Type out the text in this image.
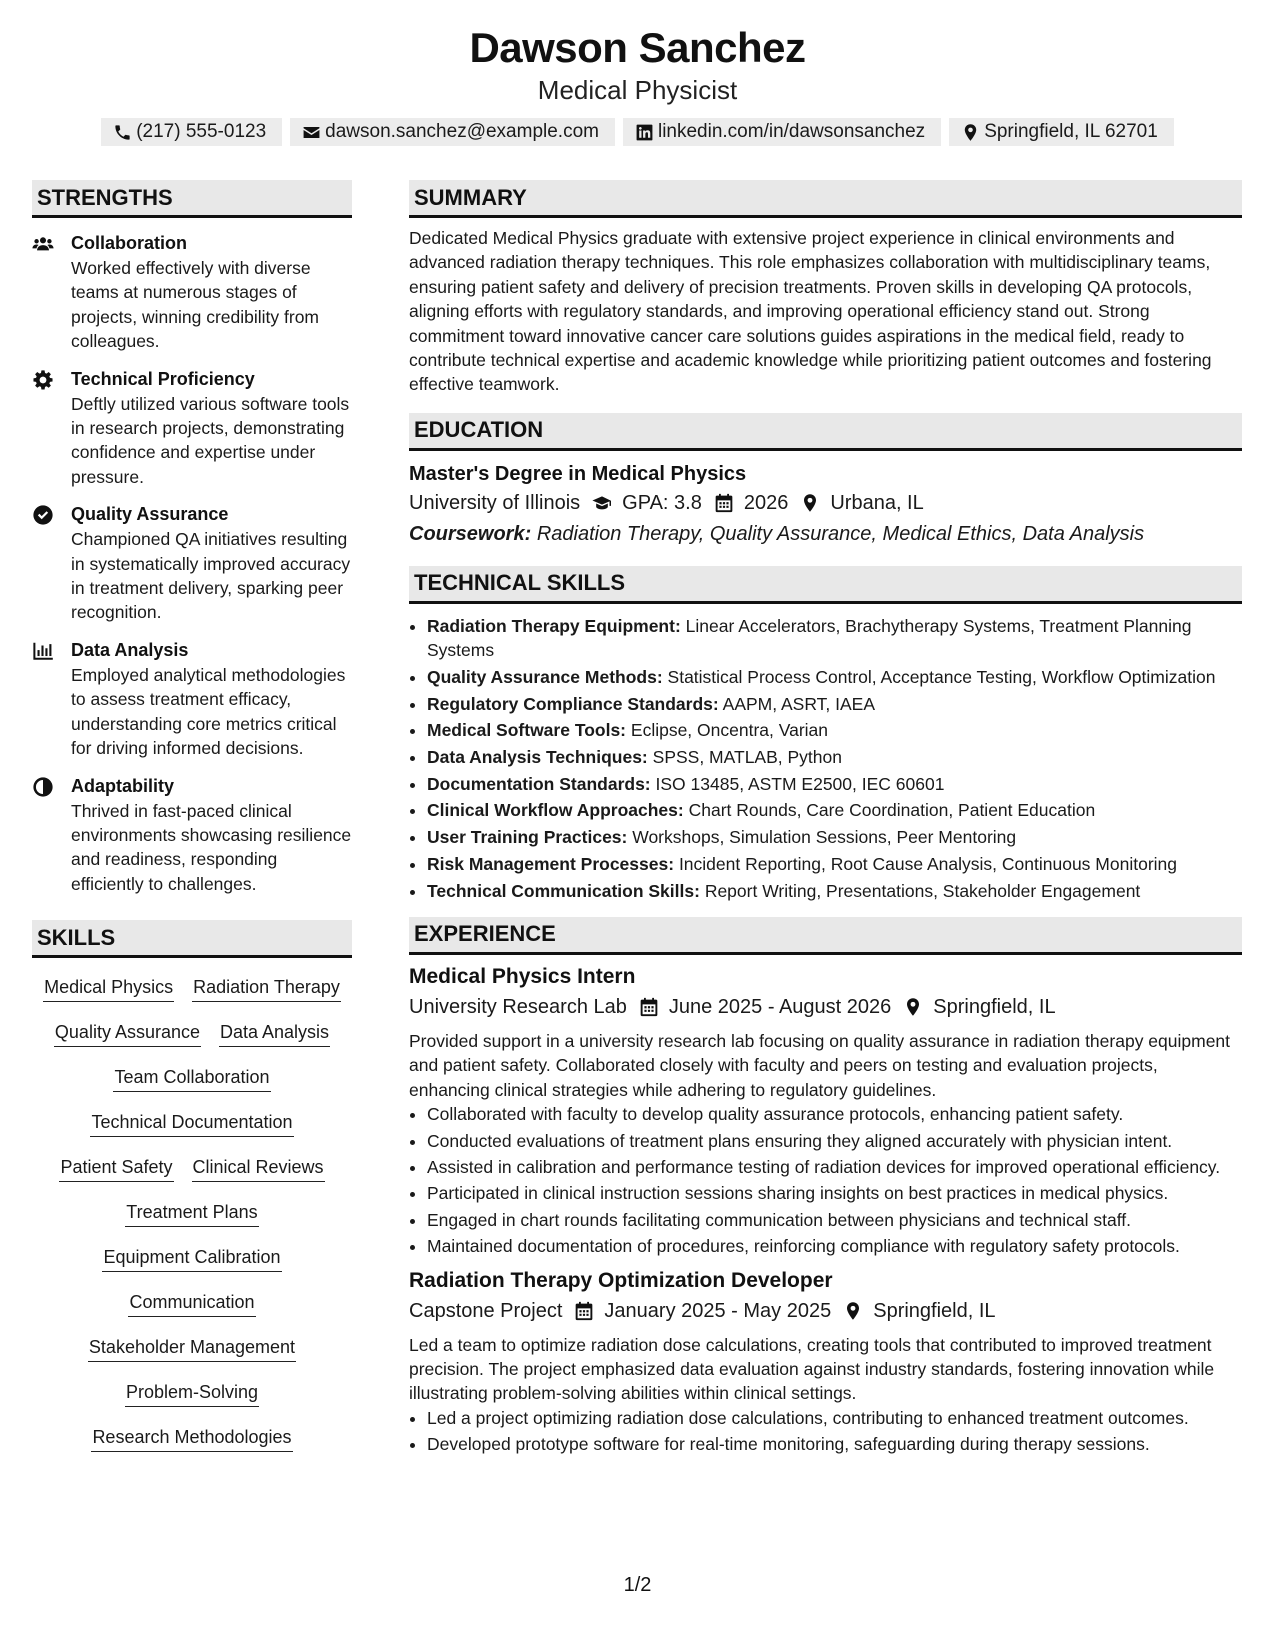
Dawson Sanchez
Medical Physicist
(217) 555-0123	dawson.sanchez@example.com	linkedin.com/in/dawsonsanchez	Springfield, IL 62701
STRENGTHS
Collaboration
Worked effectively with diverse teams at numerous stages of projects, winning credibility from colleagues.
Technical Proficiency
Deftly utilized various software tools in research projects, demonstrating confidence and expertise under pressure.
Quality Assurance
Championed QA initiatives resulting in systematically improved accuracy in treatment delivery, sparking peer recognition.
Data Analysis
Employed analytical methodologies to assess treatment efficacy, understanding core metrics critical for driving informed decisions.
Adaptability
Thrived in fast-paced clinical environments showcasing resilience and readiness, responding efficiently to challenges.
SKILLS
Medical Physics Radiation Therapy
Quality Assurance Data Analysis
Team Collaboration
Technical Documentation
Patient Safety Clinical Reviews
Treatment Plans
Equipment Calibration
Communication
Stakeholder Management
Problem-Solving
Research Methodologies
SUMMARY

Dedicated Medical Physics graduate with extensive project experience in clinical environments and advanced radiation therapy techniques. This role emphasizes collaboration with multidisciplinary teams, ensuring patient safety and delivery of precision treatments. Proven skills in developing QA protocols, aligning efforts with regulatory standards, and improving operational efficiency stand out. Strong commitment toward innovative cancer care solutions guides aspirations in the medical field, ready to contribute technical expertise and academic knowledge while prioritizing patient outcomes and fostering effective teamwork.

EDUCATION
Master's Degree in Medical Physics
University of Illinois GPA: 3.8 2026 Urbana, IL
Coursework: Radiation Therapy, Quality Assurance, Medical Ethics, Data Analysis
TECHNICAL SKILLS
• Radiation Therapy Equipment: Linear Accelerators, Brachytherapy Systems, Treatment Planning Systems
• Quality Assurance Methods: Statistical Process Control, Acceptance Testing, Workflow Optimization
• Regulatory Compliance Standards: AAPM, ASRT, IAEA
• Medical Software Tools: Eclipse, Oncentra, Varian
• Data Analysis Techniques: SPSS, MATLAB, Python
• Documentation Standards: ISO 13485, ASTM E2500, IEC 60601
• Clinical Workflow Approaches: Chart Rounds, Care Coordination, Patient Education
• User Training Practices: Workshops, Simulation Sessions, Peer Mentoring
• Risk Management Processes: Incident Reporting, Root Cause Analysis, Continuous Monitoring
• Technical Communication Skills: Report Writing, Presentations, Stakeholder Engagement
EXPERIENCE
Medical Physics Intern
University Research Lab June 2025 - August 2026 Springfield, IL
Provided support in a university research lab focusing on quality assurance in radiation therapy equipment and patient safety. Collaborated closely with faculty and peers on testing and evaluation projects, enhancing clinical strategies while adhering to regulatory guidelines.
• Collaborated with faculty to develop quality assurance protocols, enhancing patient safety.
• Conducted evaluations of treatment plans ensuring they aligned accurately with physician intent.
• Assisted in calibration and performance testing of radiation devices for improved operational efficiency.
• Participated in clinical instruction sessions sharing insights on best practices in medical physics.
• Engaged in chart rounds facilitating communication between physicians and technical staff.
• Maintained documentation of procedures, reinforcing compliance with regulatory safety protocols.
Radiation Therapy Optimization Developer
Capstone Project January 2025 - May 2025 Springfield, IL
Led a team to optimize radiation dose calculations, creating tools that contributed to improved treatment precision. The project emphasized data evaluation against industry standards, fostering innovation while illustrating problem-solving abilities within clinical settings.
• Led a project optimizing radiation dose calculations, contributing to enhanced treatment outcomes.
• Developed prototype software for real-time monitoring, safeguarding during therapy sessions.
1/2
